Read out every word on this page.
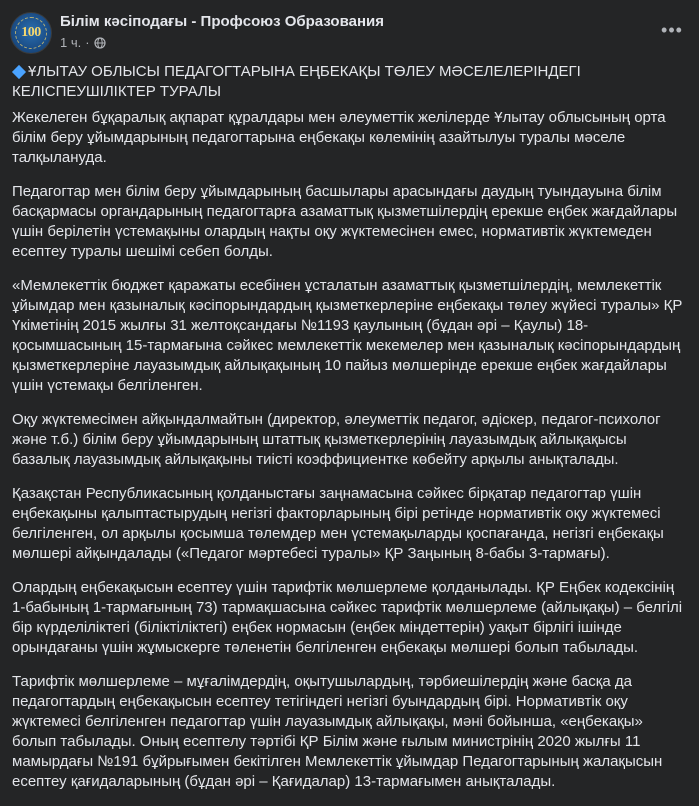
100
Білім кәсіподағы - Профсоюз Образования
1 ч. ·
•••
ҰЛЫТАУ ОБЛЫСЫ ПЕДАГОГТАРЫНА ЕҢБЕКАҚЫ ТӨЛЕУ МӘСЕЛЕЛЕРІНДЕГІ КЕЛІСПЕУШІЛІКТЕР ТУРАЛЫ

Жекелеген бұқаралық ақпарат құралдары мен әлеуметтік желілерде Ұлытау облысының орта білім беру ұйымдарының педагогтарына еңбекақы көлемінің азайтылуы туралы мәселе талқылануда.

Педагогтар мен білім беру ұйымдарының басшылары арасындағы даудың туындауына білім басқармасы органдарының педагогтарға азаматтық қызметшілердің ерекше еңбек жағдайлары үшін берілетін үстемақыны олардың нақты оқу жүктемесінен емес, нормативтік жүктемеден есептеу туралы шешімі себеп болды.

«Мемлекеттік бюджет қаражаты есебінен ұсталатын азаматтық қызметшілердің, мемлекеттік ұйымдар мен қазыналық кәсіпорындардың қызметкерлеріне еңбекақы төлеу жүйесі туралы» ҚР Үкіметінің 2015 жылғы 31 желтоқсандағы №1193 қаулының (бұдан әрі – Қаулы) 18-қосымшасының 15-тармағына сәйкес мемлекеттік мекемелер мен қазыналық кәсіпорындардың қызметкерлеріне лауазымдық айлықақының 10 пайыз мөлшерінде ерекше еңбек жағдайлары үшін үстемақы белгіленген.

Оқу жүктемесімен айқындалмайтын (директор, әлеуметтік педагог, әдіскер, педагог-психолог және т.б.) білім беру ұйымдарының штаттық қызметкерлерінің лауазымдық айлықақысы базалық лауазымдық айлықақыны тиісті коэффициентке көбейту арқылы анықталады.

Қазақстан Республикасының қолданыстағы заңнамасына сәйкес бірқатар педагогтар үшін еңбекақыны қалыптастырудың негізгі факторларының бірі ретінде нормативтік оқу жүктемесі белгіленген, ол арқылы қосымша төлемдер мен үстемақыларды қоспағанда, негізгі еңбекақы мөлшері айқындалады («Педагог мәртебесі туралы» ҚР Заңының 8-бабы 3-тармағы).

Олардың еңбекақысын есептеу үшін тарифтік мөлшерлеме қолданылады. ҚР Еңбек кодексінің 1-бабының 1-тармағының 73) тармақшасына сәйкес тарифтік мөлшерлеме (айлықақы) – белгілі бір күрделіліктегі (біліктіліктегі) еңбек нормасын (еңбек міндеттерін) уақыт бірлігі ішінде орындағаны үшін жұмыскерге төленетін белгіленген еңбекақы мөлшері болып табылады.

Тарифтік мөлшерлеме – мұғалімдердің, оқытушылардың, тәрбиешілердің және басқа да педагогтардың еңбекақысын есептеу тетігіндегі негізгі буындардың бірі. Нормативтік оқу жүктемесі белгіленген педагогтар үшін лауазымдық айлықақы, мәні бойынша, «еңбекақы» болып табылады. Оның есептелу тәртібі ҚР Білім және ғылым министрінің 2020 жылғы 11 мамырдағы №191 бұйрығымен бекітілген Мемлекеттік ұйымдар Педагогтарының жалақысын есептеу қағидаларының (бұдан әрі – Қағидалар) 13-тармағымен анықталады.
